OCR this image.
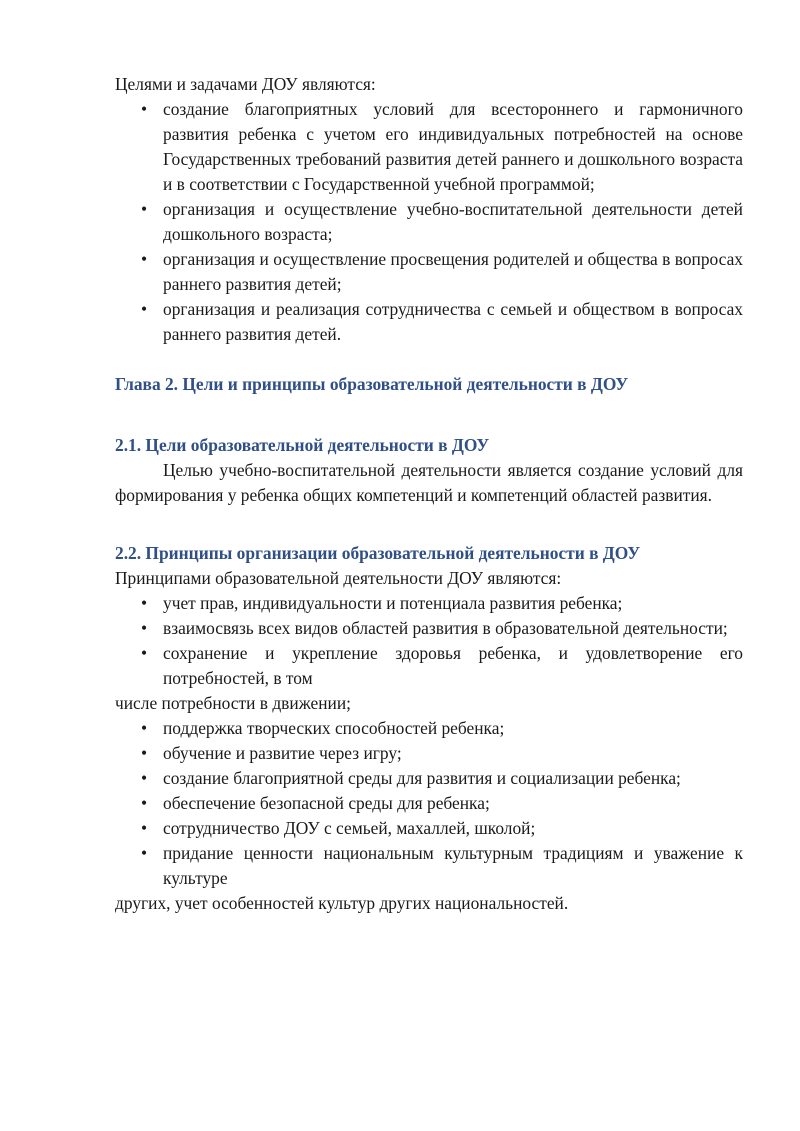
Целями и задачами ДОУ являются:

• создание благоприятных условий для всестороннего и гармоничного развития ребенка с учетом его индивидуальных потребностей на основе Государственных требований развития детей раннего и дошкольного возраста и в соответствии с Государственной учебной программой;
• организация и осуществление учебно-воспитательной деятельности детей дошкольного возраста;
• организация и осуществление просвещения родителей и общества в вопросах раннего развития детей;
• организация и реализация сотрудничества с семьей и обществом в вопросах раннего развития детей.
Глава 2. Цели и принципы образовательной деятельности в ДОУ
2.1. Цели образовательной деятельности в ДОУ

Целью учебно-воспитательной деятельности является создание условий для формирования у ребенка общих компетенций и компетенций областей развития.

2.2. Принципы организации образовательной деятельности в ДОУ

Принципами образовательной деятельности ДОУ являются:

• учет прав, индивидуальности и потенциала развития ребенка;
• взаимосвязь всех видов областей развития в образовательной деятельности;
• сохранение и укрепление здоровья ребенка, и удовлетворение его потребностей, в том

числе потребности в движении;

• поддержка творческих способностей ребенка;
• обучение и развитие через игру;
• создание благоприятной среды для развития и социализации ребенка;
• обеспечение безопасной среды для ребенка;
• сотрудничество ДОУ с семьей, махаллей, школой;
• придание ценности национальным культурным традициям и уважение к культуре

других, учет особенностей культур других национальностей.
